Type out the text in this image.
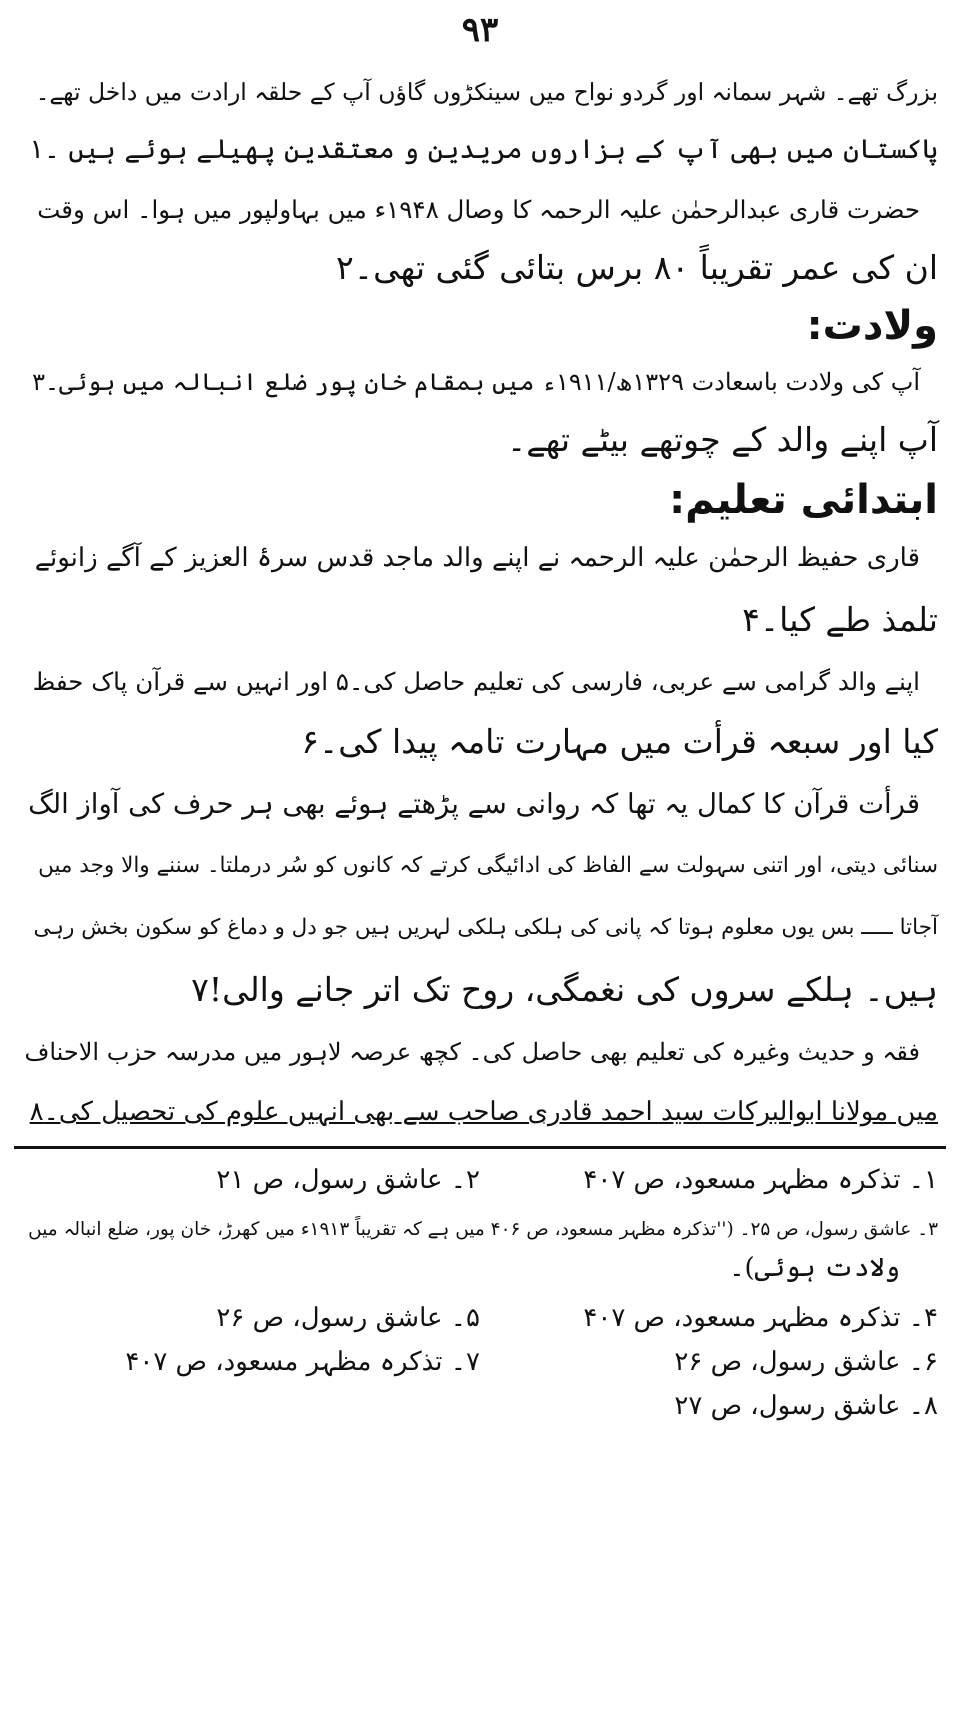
۹۳
بزرگ تھے۔ شہر سمانہ اور گردو نواح میں سینکڑوں گاؤں آپ کے حلقہ ارادت میں داخل تھے۔
پاکستان میں بھی آپ کے ہزاروں مریدین و معتقدین پھیلے ہوئے ہیں ۔۱
حضرت قاری عبدالرحمٰن علیہ الرحمہ کا وصال ۱۹۴۸ء میں بہاولپور میں ہوا۔ اس وقت
ان کی عمر تقریباً ۸۰ برس بتائی گئی تھی۔۲
ولادت:
آپ کی ولادت باسعادت ۱۳۲۹ھ/۱۹۱۱ء میں بمقام خان پور ضلع انبالہ میں ہوئی۔۳
آپ اپنے والد کے چوتھے بیٹے تھے۔
ابتدائی تعلیم:
قاری حفیظ الرحمٰن علیہ الرحمہ نے اپنے والد ماجد قدس سرۂ العزیز کے آگے زانوئے
تلمذ طے کیا۔۴
اپنے والد گرامی سے عربی، فارسی کی تعلیم حاصل کی۔۵ اور انہیں سے قرآن پاک حفظ
کیا اور سبعہ قرأت میں مہارت تامہ پیدا کی۔۶
قرأت قرآن کا کمال یہ تھا کہ روانی سے پڑھتے ہوئے بھی ہر حرف کی آواز الگ
سنائی دیتی، اور اتنی سہولت سے الفاظ کی ادائیگی کرتے کہ کانوں کو سُر درملتا۔ سننے والا وجد میں
آجاتا ـــــ بس یوں معلوم ہوتا کہ پانی کی ہلکی ہلکی لہریں ہیں جو دل و دماغ کو سکون بخش رہی
ہیں۔ ہلکے سروں کی نغمگی، روح تک اتر جانے والی!۷
فقہ و حدیث وغیرہ کی تعلیم بھی حاصل کی۔ کچھ عرصہ لاہور میں مدرسہ حزب الاحناف
میں مولانا ابوالبرکات سید احمد قادری صاحب سے بھی انہیں علوم کی تحصیل کی۔۸
۱۔ تذکرہ مظہر مسعود، ص ۴۰۷
۲۔ عاشق رسول، ص ۲۱
۳۔ عاشق رسول، ص ۲۵۔ (''تذکرہ مظہر مسعود، ص ۴۰۶ میں ہے کہ تقریباً ۱۹۱۳ء میں کھرڑ، خان پور، ضلع انبالہ میں
ولادت ہوئی)۔
۴۔ تذکرہ مظہر مسعود، ص ۴۰۷
۵۔ عاشق رسول، ص ۲۶
۶۔ عاشق رسول، ص ۲۶
۷۔ تذکرہ مظہر مسعود، ص ۴۰۷
۸۔ عاشق رسول، ص ۲۷
